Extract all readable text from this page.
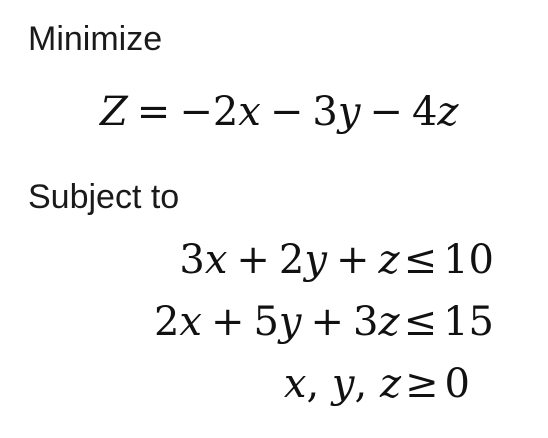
Minimize
Z = −2x − 3y − 4z
Subject to
3x + 2y + z ≤ 10
2x + 5y + 3z ≤ 15
x, y, z ≥ 0
